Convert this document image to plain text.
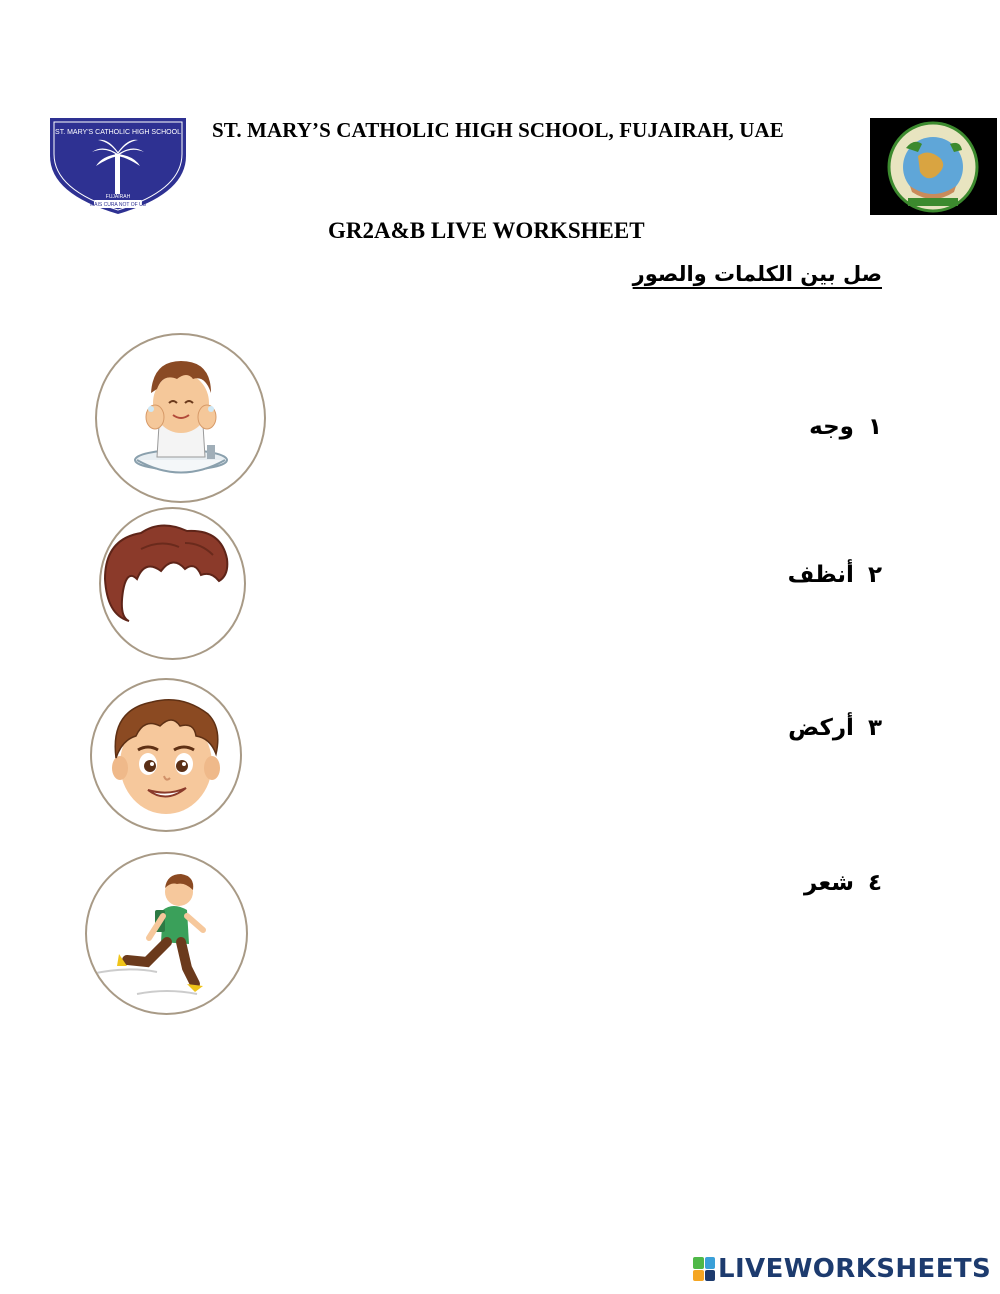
ST. MARY'S CATHOLIC HIGH SCHOOL
FUJAIRAH
MAIS CURA NOT OF US
ST. MARY’S CATHOLIC HIGH SCHOOL, FUJAIRAH, UAE
GR2A&B LIVE WORKSHEET
صل بين الكلمات والصور
١وجه
٢أنظف
٣أركض
٤شعر
LIVEWORKSHEETS
